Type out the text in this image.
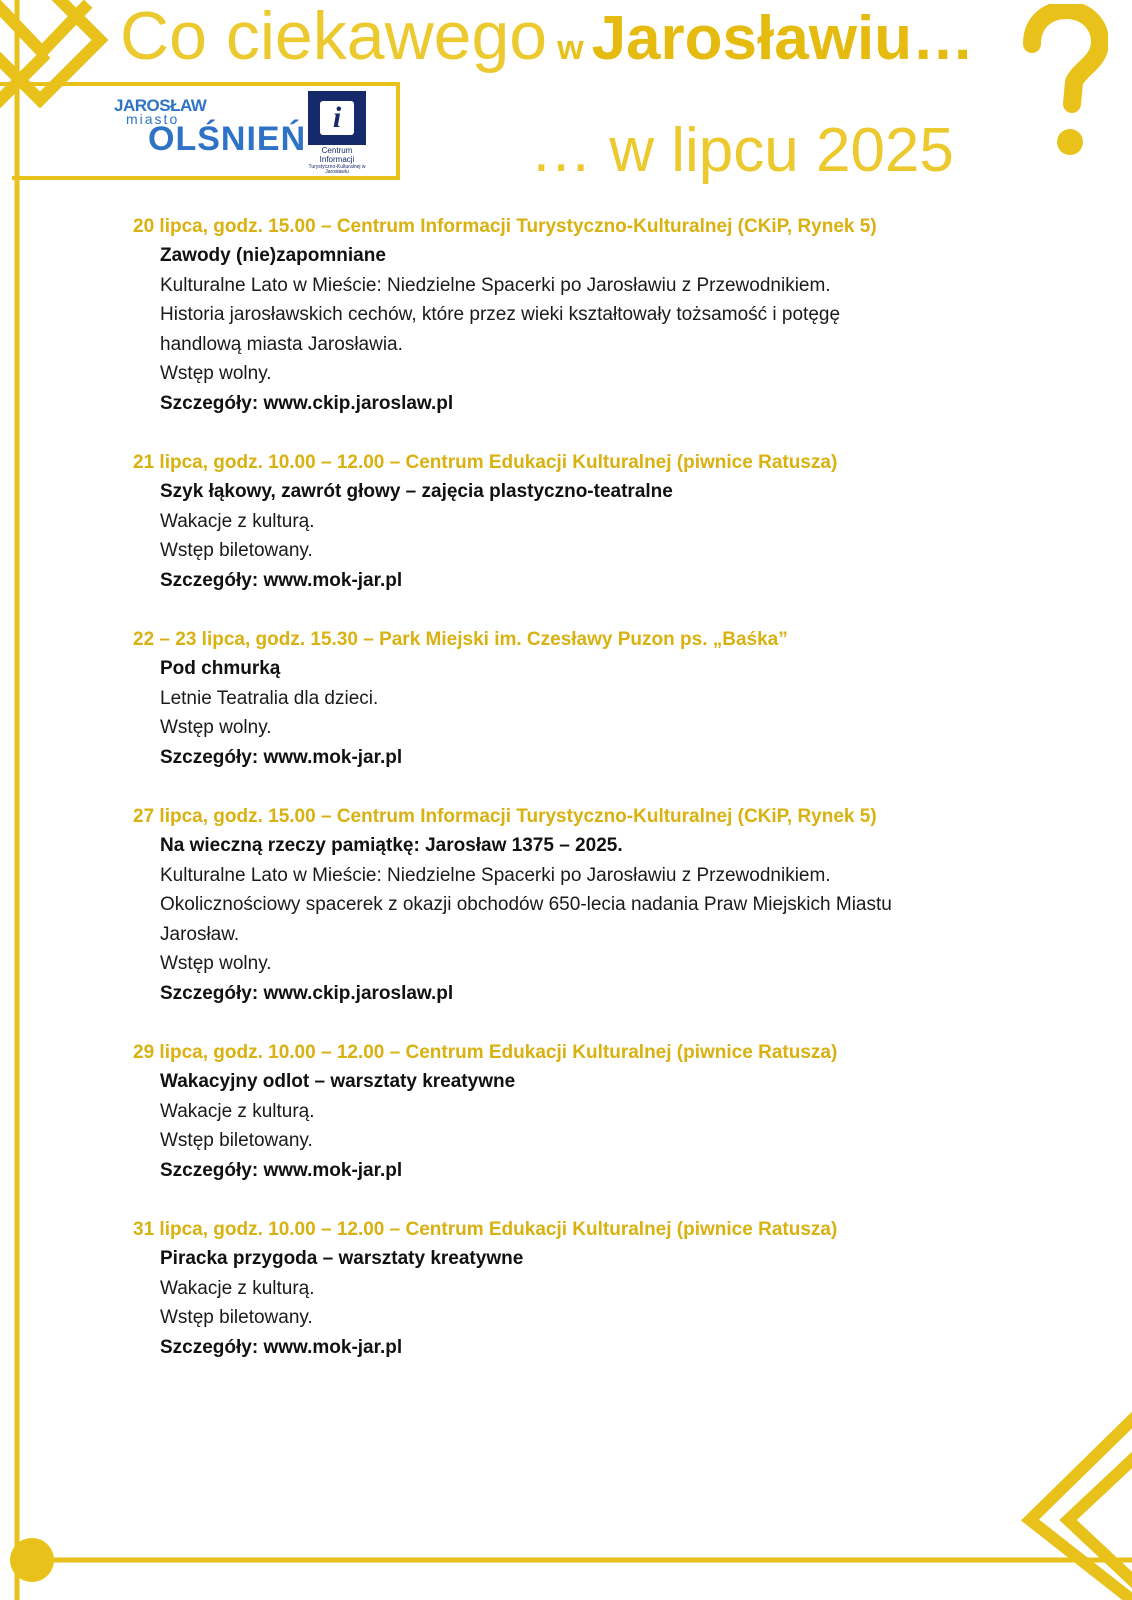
Co ciekawego w Jarosławiu…
… w lipcu 2025
JAROSŁAW
miasto
OLŚNIEŃ
i
Centrum Informacji
Turystyczno-Kulturalnej w Jarosławiu
20 lipca, godz. 15.00 – Centrum Informacji Turystyczno-Kulturalnej (CKiP, Rynek 5)
Zawody (nie)zapomniane
Kulturalne Lato w Mieście: Niedzielne Spacerki po Jarosławiu z Przewodnikiem.
Historia jarosławskich cechów, które przez wieki kształtowały tożsamość i potęgę
handlową miasta Jarosławia.
Wstęp wolny.
Szczegóły: www.ckip.jaroslaw.pl
21 lipca, godz. 10.00 – 12.00 – Centrum Edukacji Kulturalnej (piwnice Ratusza)
Szyk łąkowy, zawrót głowy – zajęcia plastyczno-teatralne
Wakacje z kulturą.
Wstęp biletowany.
Szczegóły: www.mok-jar.pl
22 – 23 lipca, godz. 15.30 – Park Miejski im. Czesławy Puzon ps. „Baśka”
Pod chmurką
Letnie Teatralia dla dzieci.
Wstęp wolny.
Szczegóły: www.mok-jar.pl
27 lipca, godz. 15.00 – Centrum Informacji Turystyczno-Kulturalnej (CKiP, Rynek 5)
Na wieczną rzeczy pamiątkę: Jarosław 1375 – 2025.
Kulturalne Lato w Mieście: Niedzielne Spacerki po Jarosławiu z Przewodnikiem.
Okolicznościowy spacerek z okazji obchodów 650-lecia nadania Praw Miejskich Miastu
Jarosław.
Wstęp wolny.
Szczegóły: www.ckip.jaroslaw.pl
29 lipca, godz. 10.00 – 12.00 – Centrum Edukacji Kulturalnej (piwnice Ratusza)
Wakacyjny odlot – warsztaty kreatywne
Wakacje z kulturą.
Wstęp biletowany.
Szczegóły: www.mok-jar.pl
31 lipca, godz. 10.00 – 12.00 – Centrum Edukacji Kulturalnej (piwnice Ratusza)
Piracka przygoda – warsztaty kreatywne
Wakacje z kulturą.
Wstęp biletowany.
Szczegóły: www.mok-jar.pl
